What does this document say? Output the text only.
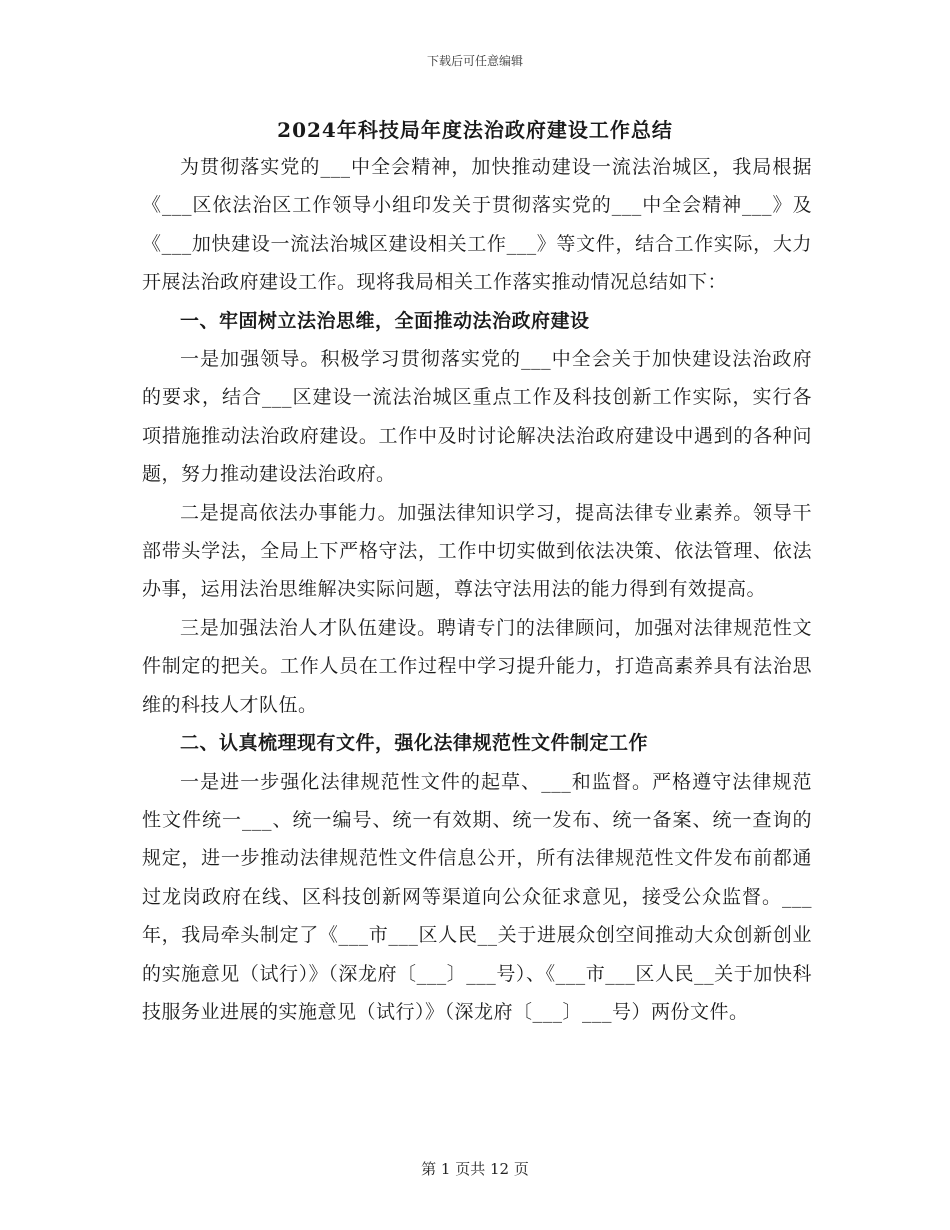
下载后可任意编辑
2024年科技局年度法治政府建设工作总结

为贯彻落实党的___中全会精神，加快推动建设一流法治城区，我局根据《___区依法治区工作领导小组印发关于贯彻落实党的___中全会精神___》及《___加快建设一流法治城区建设相关工作___》等文件，结合工作实际，大力开展法治政府建设工作。现将我局相关工作落实推动情况总结如下：

一、牢固树立法治思维，全面推动法治政府建设

一是加强领导。积极学习贯彻落实党的___中全会关于加快建设法治政府的要求，结合___区建设一流法治城区重点工作及科技创新工作实际，实行各项措施推动法治政府建设。工作中及时讨论解决法治政府建设中遇到的各种问题，努力推动建设法治政府。

二是提高依法办事能力。加强法律知识学习，提高法律专业素养。领导干部带头学法，全局上下严格守法，工作中切实做到依法决策、依法管理、依法办事，运用法治思维解决实际问题，尊法守法用法的能力得到有效提高。

三是加强法治人才队伍建设。聘请专门的法律顾问，加强对法律规范性文件制定的把关。工作人员在工作过程中学习提升能力，打造高素养具有法治思维的科技人才队伍。

二、认真梳理现有文件，强化法律规范性文件制定工作

一是进一步强化法律规范性文件的起草、___和监督。严格遵守法律规范性文件统一___、统一编号、统一有效期、统一发布、统一备案、统一查询的规定，进一步推动法律规范性文件信息公开，所有法律规范性文件发布前都通过龙岗政府在线、区科技创新网等渠道向公众征求意见，接受公众监督。___年，我局牵头制定了《___市___区人民__关于进展众创空间推动大众创新创业的实施意见（试行）》（深龙府〔___〕___号）、《___市___区人民__关于加快科技服务业进展的实施意见（试行）》（深龙府〔___〕___号）两份文件。

第 1 页共 12 页
